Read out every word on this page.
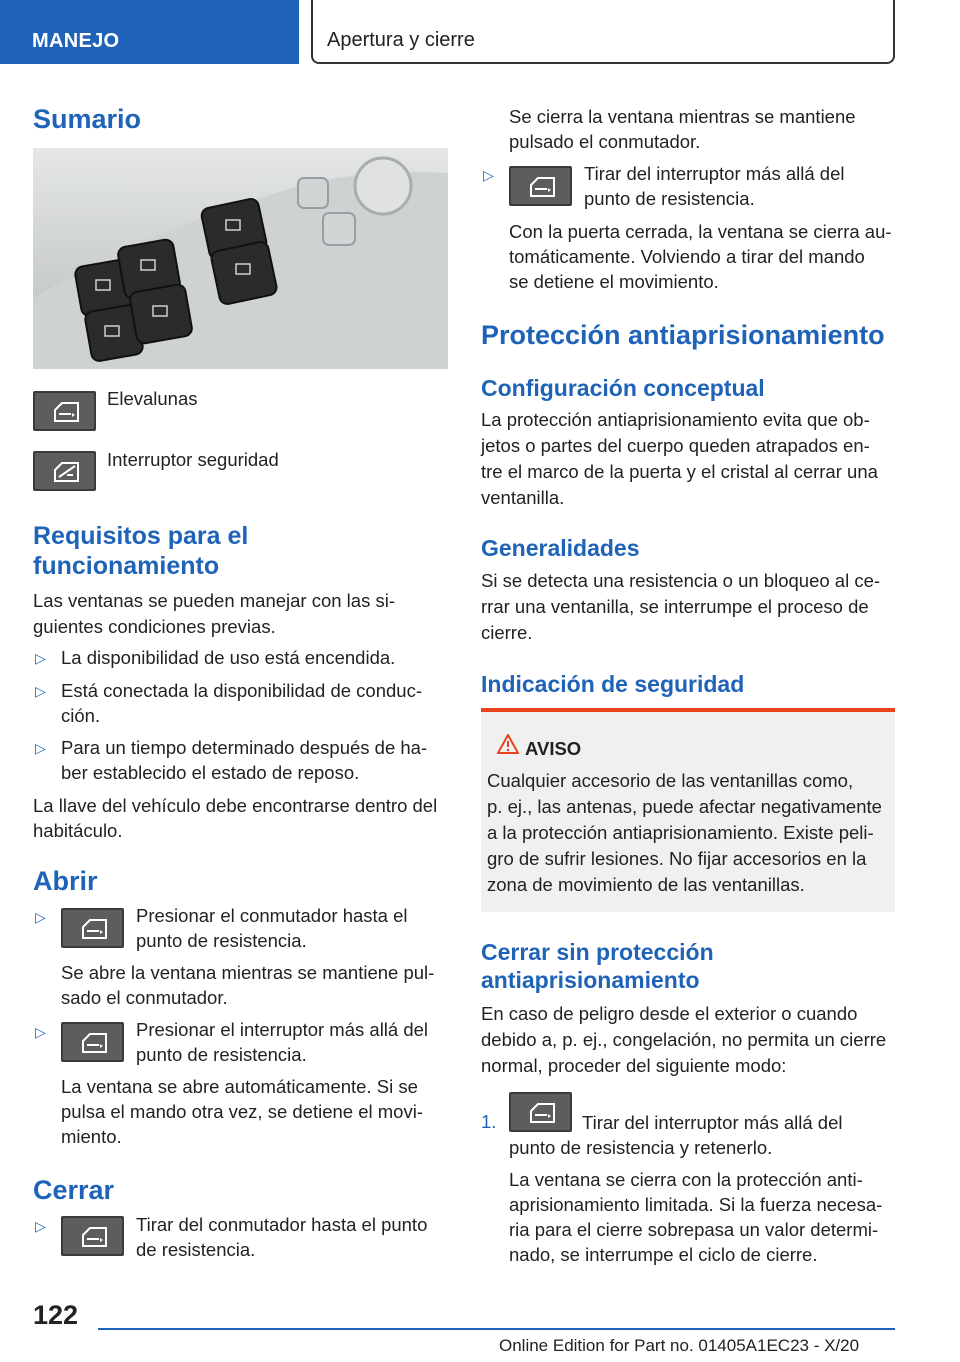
MANEJO	Apertura y cierre
Sumario
Elevalunas
Interruptor seguridad
Requisitos para el
funcionamiento
Las ventanas se pueden manejar con las si-
guientes condiciones previas.
▷ La disponibilidad de uso está encendida.
▷ Está conectada la disponibilidad de conduc-
ción.
▷ Para un tiempo determinado después de ha-
ber establecido el estado de reposo.
La llave del vehículo debe encontrarse dentro del
habitáculo.
Abrir
▷	Presionar el conmutador hasta el
punto de resistencia.
Se abre la ventana mientras se mantiene pul-
sado el conmutador.
▷	Presionar el interruptor más allá del
punto de resistencia.
La ventana se abre automáticamente. Si se
pulsa el mando otra vez, se detiene el movi-
miento.
Cerrar
▷	Tirar del conmutador hasta el punto
de resistencia.
Se cierra la ventana mientras se mantiene
pulsado el conmutador.
▷	Tirar del interruptor más allá del
punto de resistencia.
Con la puerta cerrada, la ventana se cierra au-
tomáticamente. Volviendo a tirar del mando
se detiene el movimiento.
Protección antiaprisionamiento
Configuración conceptual
La protección antiaprisionamiento evita que ob-
jetos o partes del cuerpo queden atrapados en-
tre el marco de la puerta y el cristal al cerrar una
ventanilla.
Generalidades
Si se detecta una resistencia o un bloqueo al ce-
rrar una ventanilla, se interrumpe el proceso de
cierre.
Indicación de seguridad
AVISO
Cualquier accesorio de las ventanillas como,
p. ej., las antenas, puede afectar negativamente
a la protección antiaprisionamiento. Existe peli-
gro de sufrir lesiones. No fijar accesorios en la
zona de movimiento de las ventanillas.
Cerrar sin protección
antiaprisionamiento
En caso de peligro desde el exterior o cuando
debido a, p. ej., congelación, no permita un cierre
normal, proceder del siguiente modo:
1.	Tirar del interruptor más allá del
punto de resistencia y retenerlo.
La ventana se cierra con la protección anti-
aprisionamiento limitada. Si la fuerza necesa-
ria para el cierre sobrepasa un valor determi-
nado, se interrumpe el ciclo de cierre.
122
Online Edition for Part no. 01405A1EC23 - X/20
